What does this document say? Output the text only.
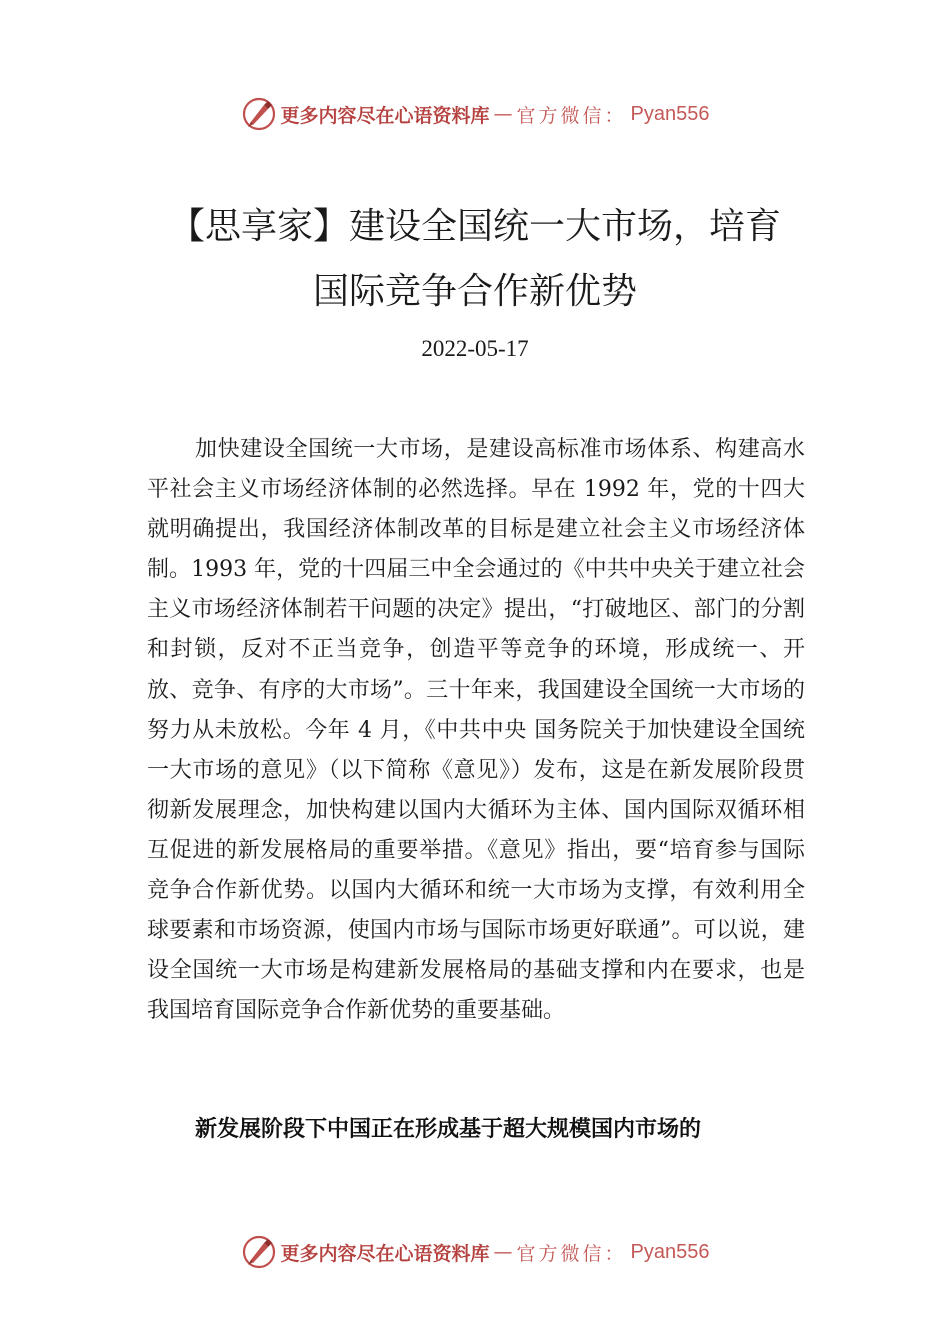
更多内容尽在心语资料库 — 官方微信： Pyan556
【思享家】建设全国统一大市场，培育
国际竞争合作新优势
2022-05-17

加快建设全国统一大市场，是建设高标准市场体系、构建高水平社会主义市场经济体制的必然选择。早在 1992 年，党的十四大就明确提出，我国经济体制改革的目标是建立社会主义市场经济体制。1993 年，党的十四届三中全会通过的《中共中央关于建立社会主义市场经济体制若干问题的决定》提出，“打破地区、部门的分割和封锁，反对不正当竞争，创造平等竞争的环境，形成统一、开放、竞争、有序的大市场”。三十年来，我国建设全国统一大市场的努力从未放松。今年 4 月，《中共中央 国务院关于加快建设全国统一大市场的意见》（以下简称《意见》）发布，这是在新发展阶段贯彻新发展理念，加快构建以国内大循环为主体、国内国际双循环相互促进的新发展格局的重要举措。《意见》指出，要“培育参与国际竞争合作新优势。以国内大循环和统一大市场为支撑，有效利用全球要素和市场资源，使国内市场与国际市场更好联通”。可以说，建设全国统一大市场是构建新发展格局的基础支撑和内在要求，也是我国培育国际竞争合作新优势的重要基础。

新发展阶段下中国正在形成基于超大规模国内市场的
更多内容尽在心语资料库 — 官方微信： Pyan556
